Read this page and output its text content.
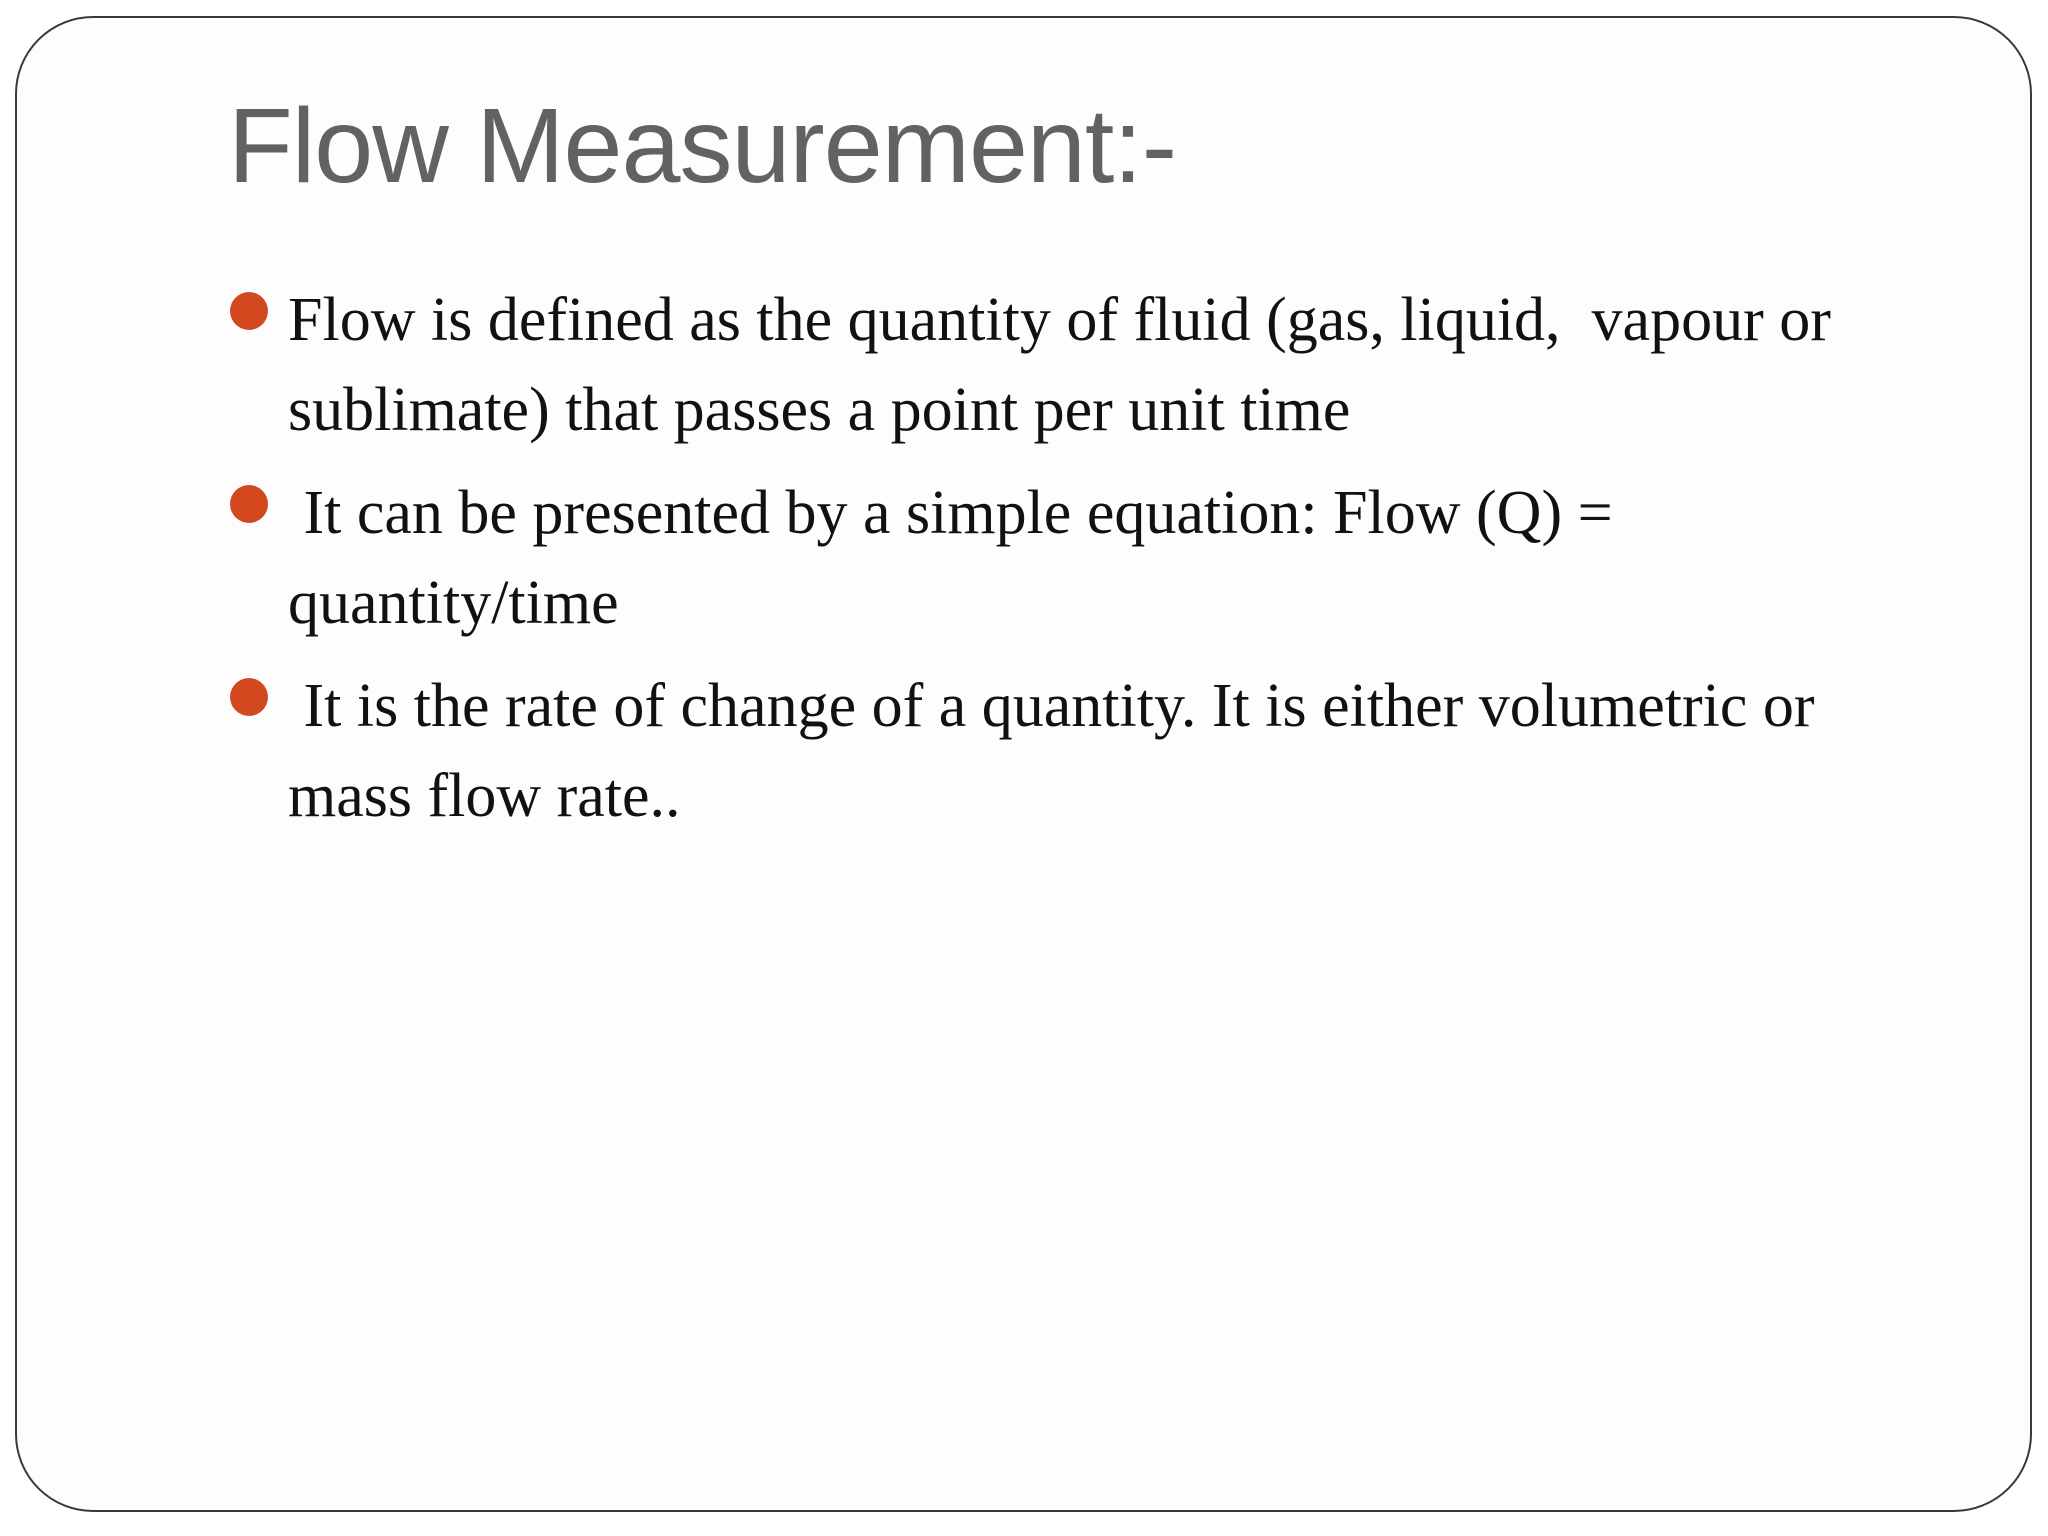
Flow Measurement:-
Flow is defined as the quantity of fluid (gas, liquid,  vapour or sublimate) that passes a point per unit time
It can be presented by a simple equation: Flow (Q) = quantity/time
It is the rate of change of a quantity. It is either volumetric or mass flow rate..
